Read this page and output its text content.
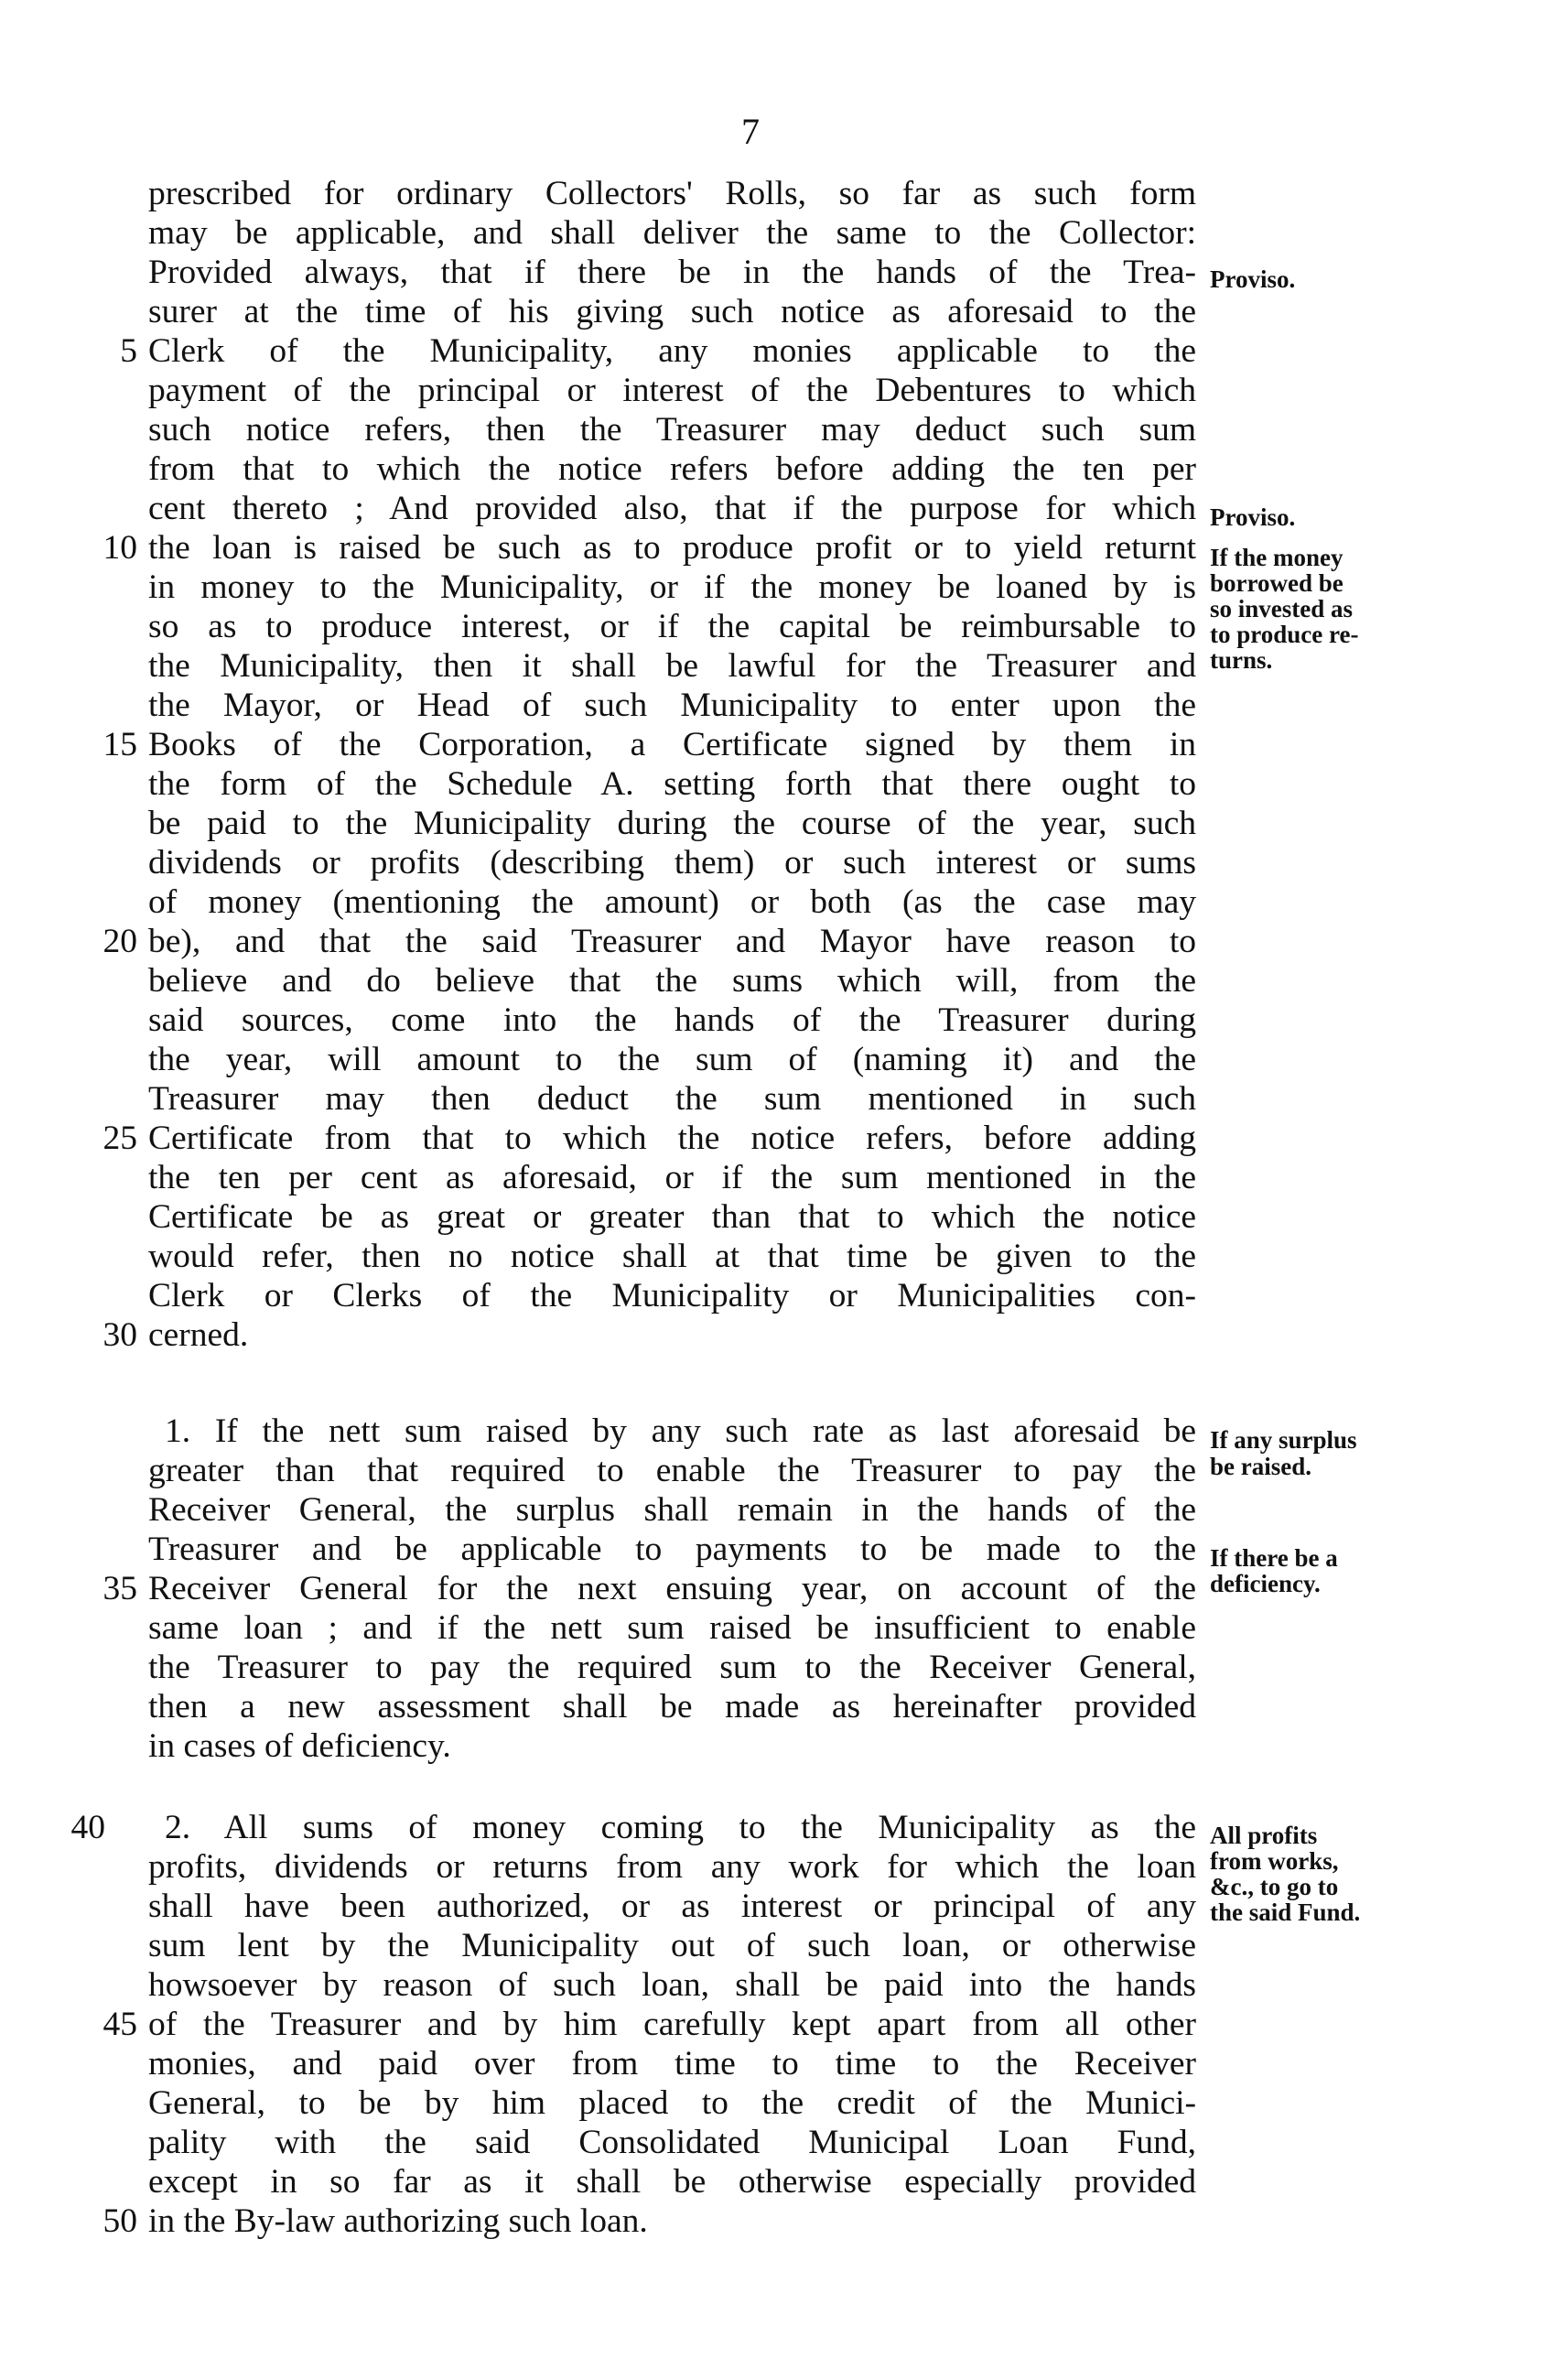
7
prescribed for ordinary Collectors' Rolls, so far as such form
may be applicable, and shall deliver the same to the Collector:
Provided always, that if there be in the hands of the Trea-
surer at the time of his giving such notice as aforesaid to the
Clerk of the Municipality, any monies applicable to the
payment of the principal or interest of the Debentures to which
such notice refers, then the Treasurer may deduct such sum
from that to which the notice refers before adding the ten per
cent thereto ; And provided also, that if the purpose for which
the loan is raised be such as to produce profit or to yield returnt
in money to the Municipality, or if the money be loaned by is
so as to produce interest, or if the capital be reimbursable to
the Municipality, then it shall be lawful for the Treasurer and
the Mayor, or Head of such Municipality to enter upon the
Books of the Corporation, a Certificate signed by them in
the form of the Schedule A. setting forth that there ought to
be paid to the Municipality during the course of the year, such
dividends or profits (describing them) or such interest or sums
of money (mentioning the amount) or both (as the case may
be), and that the said Treasurer and Mayor have reason to
believe and do believe that the sums which will, from the
said sources, come into the hands of the Treasurer during
the year, will amount to the sum of (naming it) and the
Treasurer may then deduct the sum mentioned in such
Certificate from that to which the notice refers, before adding
the ten per cent as aforesaid, or if the sum mentioned in the
Certificate be as great or greater than that to which the notice
would refer, then no notice shall at that time be given to the
Clerk or Clerks of the Municipality or Municipalities con-
cerned.
1. If the nett sum raised by any such rate as last aforesaid be
greater than that required to enable the Treasurer to pay the
Receiver General, the surplus shall remain in the hands of the
Treasurer and be applicable to payments to be made to the
Receiver General for the next ensuing year, on account of the
same loan ; and if the nett sum raised be insufficient to enable
the Treasurer to pay the required sum to the Receiver General,
then a new assessment shall be made as hereinafter provided
in cases of deficiency.
2. All sums of money coming to the Municipality as the
profits, dividends or returns from any work for which the loan
shall have been authorized, or as interest or principal of any
sum lent by the Municipality out of such loan, or otherwise
howsoever by reason of such loan, shall be paid into the hands
of the Treasurer and by him carefully kept apart from all other
monies, and paid over from time to time to the Receiver
General, to be by him placed to the credit of the Munici-
pality with the said Consolidated Municipal Loan Fund,
except in so far as it shall be otherwise especially provided
in the By-law authorizing such loan.
5
10
15
20
25
30
35
40
45
50
Proviso.
Proviso.
If the money
borrowed be
so invested as
to produce re-
turns.
If any surplus
be raised.
If there be a
deficiency.
All profits
from works,
&c., to go to
the said Fund.
